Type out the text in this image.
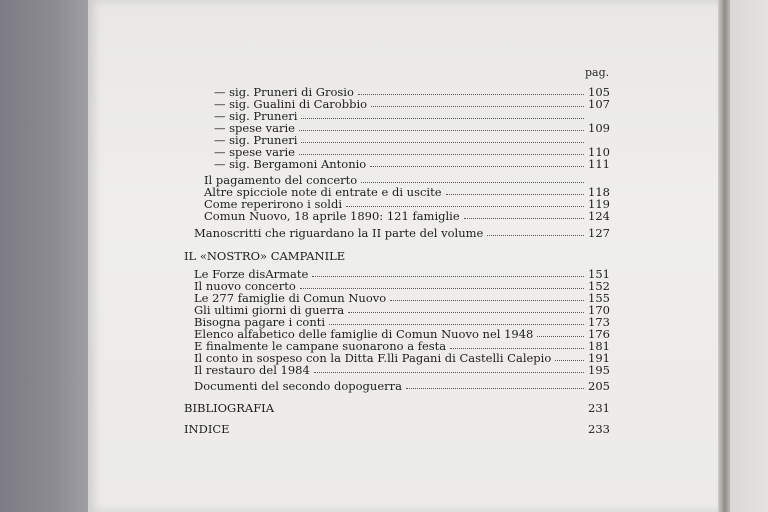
pag.
— sig. Pruneri di Grosio	105
— sig. Gualini di Carobbio	107
— sig. Pruneri
— spese varie	109
— sig. Pruneri
— spese varie	110
— sig. Bergamoni Antonio	111
Il pagamento del concerto
Altre spicciole note di entrate e di uscite	118
Come reperirono i soldi	119
Comun Nuovo, 18 aprile 1890: 121 famiglie	124
Manoscritti che riguardano la II parte del volume	127
IL «NOSTRO» CAMPANILE
Le Forze disArmate	151
Il nuovo concerto	152
Le 277 famiglie di Comun Nuovo	155
Gli ultimi giorni di guerra	170
Bisogna pagare i conti	173
Elenco alfabetico delle famiglie di Comun Nuovo nel 1948	176
E finalmente le campane suonarono a festa	181
Il conto in sospeso con la Ditta F.lli Pagani di Castelli Calepio	191
Il restauro del 1984	195
Documenti del secondo dopoguerra	205
BIBLIOGRAFIA	231
INDICE	233
